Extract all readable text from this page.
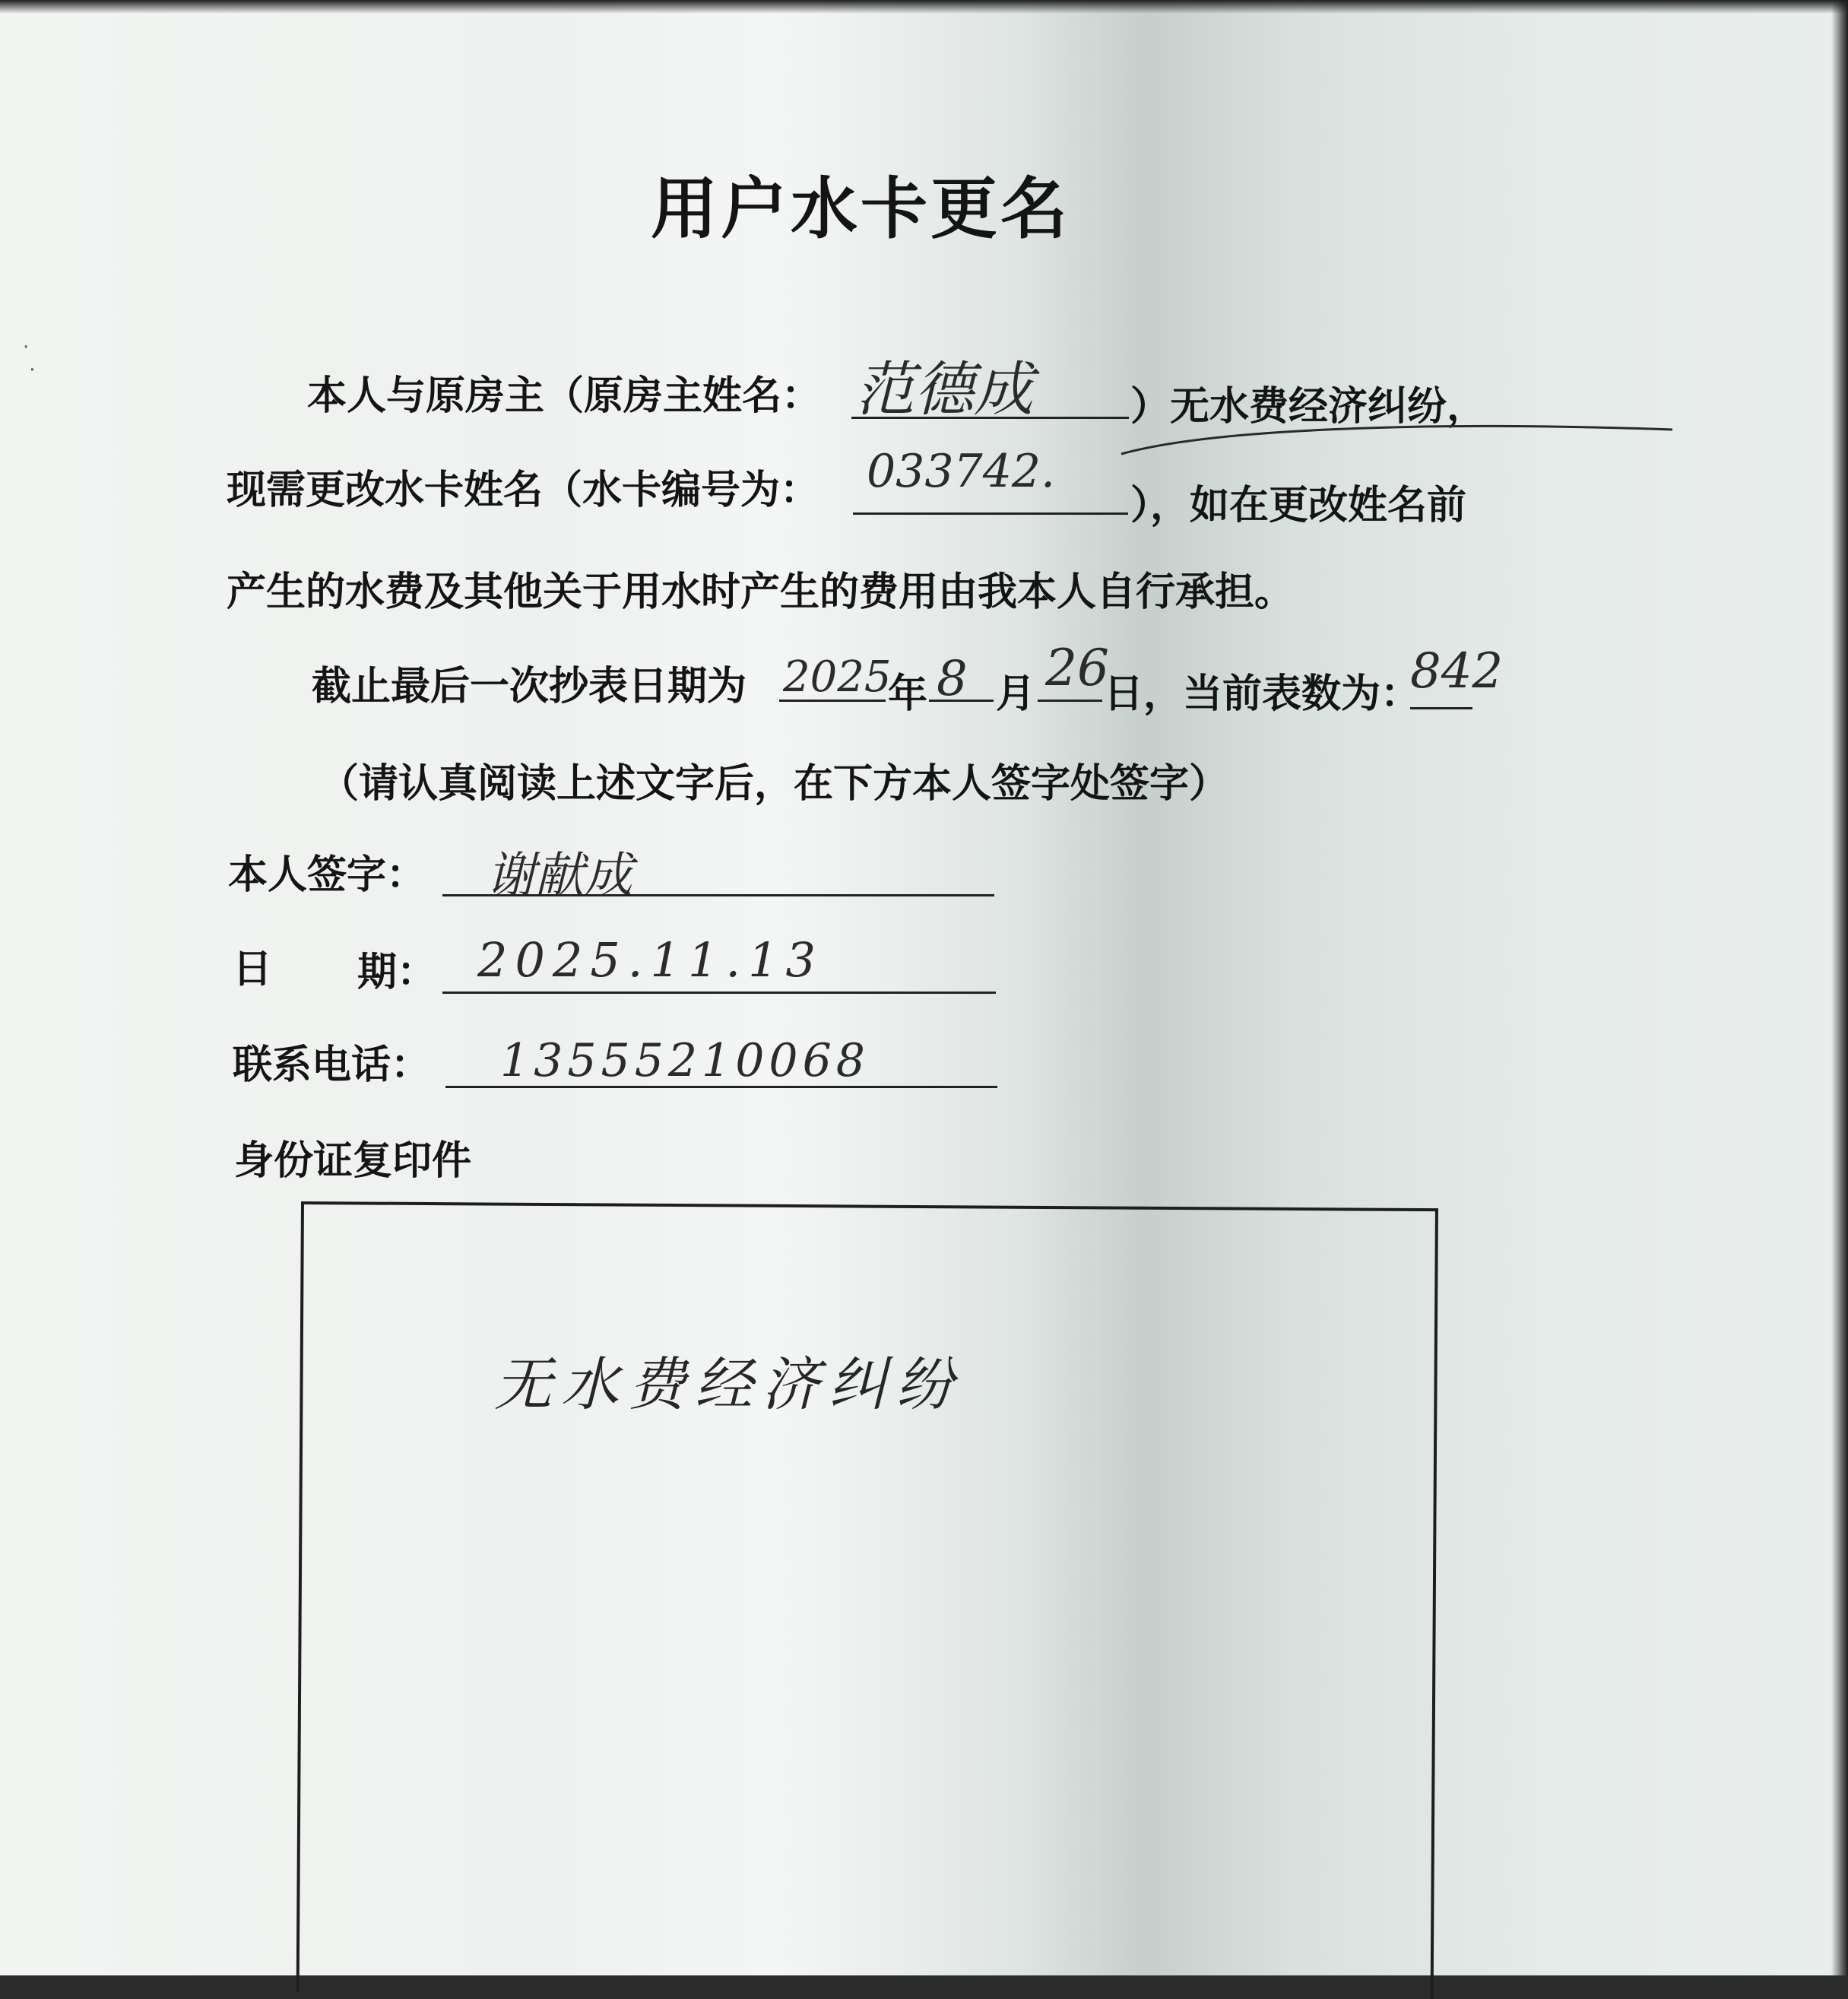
·
·
用户水卡更名
本人与原房主（原房主姓名： 范德成 ）无水费经济纠纷，
现需更改水卡姓名（水卡编号为： 033742.
），如在更改姓名前
产生的水费及其他关于用水时产生的费用由我本人自行承担。
截止最后一次抄表日期为 2025
年 8 月 26
日，当前表数为：
842
（请认真阅读上述文字后，在下方本人签字处签字）
本人签字： 谢献成
日 期： 2025.11.13
联系电话： 13555210068
身份证复印件
无水费经济纠纷
